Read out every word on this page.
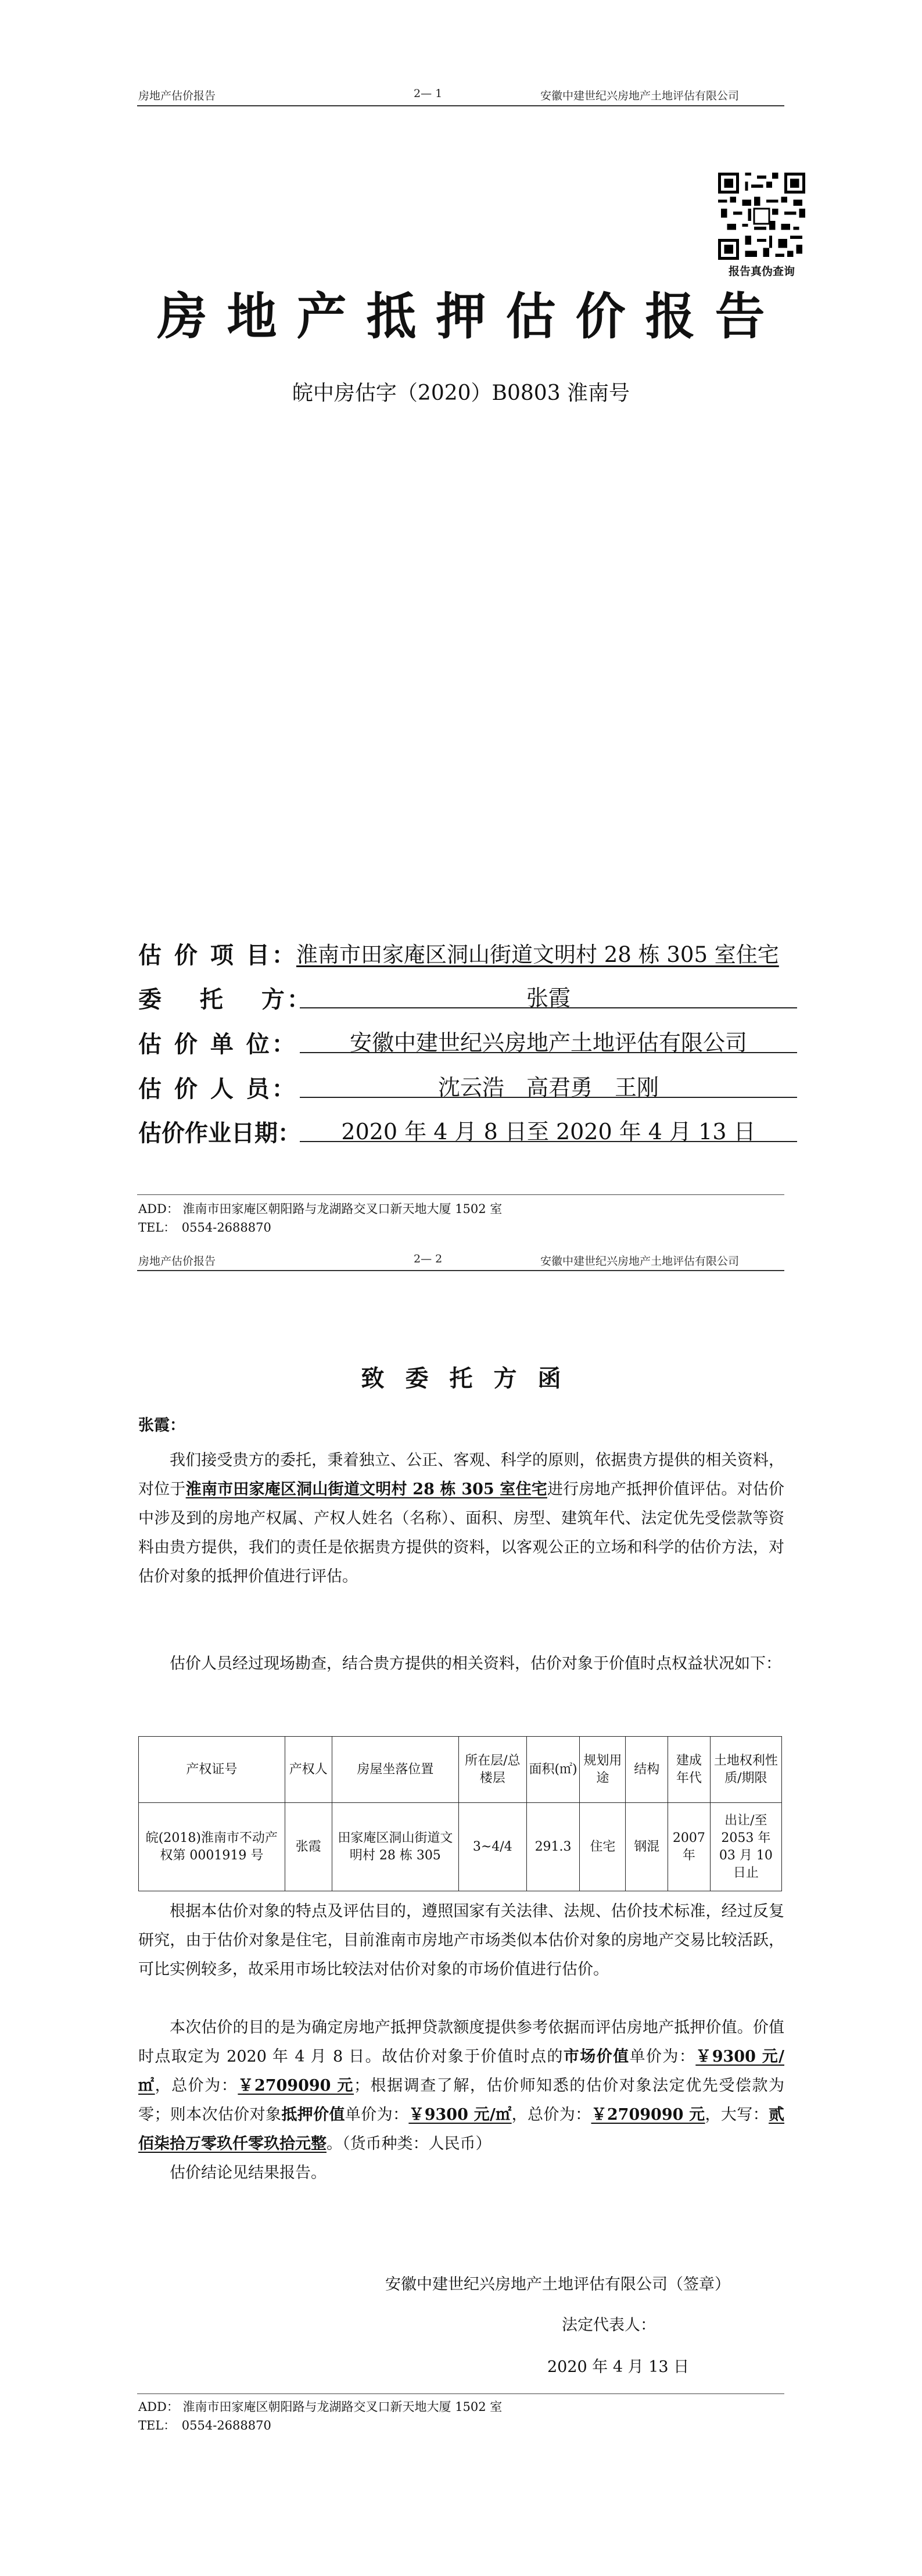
房地产估价报告	2— 1	安徽中建世纪兴房地产土地评估有限公司
报告真伪查询
房地产抵押估价报告
皖中房估字（2020）B0803 淮南号
估 价 项 目：
淮南市田家庵区洞山街道文明村 28 栋 305 室住宅
委　 托 　方：	张霞
估 价 单 位：	安徽中建世纪兴房地产土地评估有限公司
估 价 人 员：	沈云浩　高君勇　王刚
估价作业日期：	2020 年 4 月 8 日至 2020 年 4 月 13 日
ADD： 淮南市田家庵区朝阳路与龙湖路交叉口新天地大厦 1502 室
TEL：　0554-2688870
房地产估价报告	2— 2	安徽中建世纪兴房地产土地评估有限公司
致委托方函
张霞：

我们接受贵方的委托，秉着独立、公正、客观、科学的原则，依据贵方提供的相关资料，对位于淮南市田家庵区洞山街道文明村 28 栋 305 室住宅进行房地产抵押价值评估。对估价中涉及到的房地产权属、产权人姓名（名称）、面积、房型、建筑年代、法定优先受偿款等资料由贵方提供，我们的责任是依据贵方提供的资料，以客观公正的立场和科学的估价方法，对估价对象的抵押价值进行评估。

估价人员经过现场勘查，结合贵方提供的相关资料，估价对象于价值时点权益状况如下：

产权证号	产权人	房屋坐落位置	所在层/总楼层	面积(㎡)	规划用途	结构	建成年代	土地权利性质/期限
皖(2018)淮南市不动产权第 0001919 号	张霞	田家庵区洞山街道文明村 28 栋 305	3~4/4	291.3	住宅	钢混	2007 年	出让/至 2053 年 03 月 10 日止

根据本估价对象的特点及评估目的，遵照国家有关法律、法规、估价技术标准，经过反复研究，由于估价对象是住宅，目前淮南市房地产市场类似本估价对象的房地产交易比较活跃，可比实例较多，故采用市场比较法对估价对象的市场价值进行估价。

本次估价的目的是为确定房地产抵押贷款额度提供参考依据而评估房地产抵押价值。价值时点取定为 2020 年 4 月 8 日。故估价对象于价值时点的市场价值单价为：￥9300 元/㎡，总价为：￥2709090 元；根据调查了解，估价师知悉的估价对象法定优先受偿款为零；则本次估价对象抵押价值单价为：￥9300 元/㎡，总价为：￥2709090 元，大写：贰佰柒拾万零玖仟零玖拾元整。（货币种类：人民币）

估价结论见结果报告。

安徽中建世纪兴房地产土地评估有限公司（签章）
法定代表人：
2020 年 4 月 13 日
ADD： 淮南市田家庵区朝阳路与龙湖路交叉口新天地大厦 1502 室
TEL：　0554-2688870
